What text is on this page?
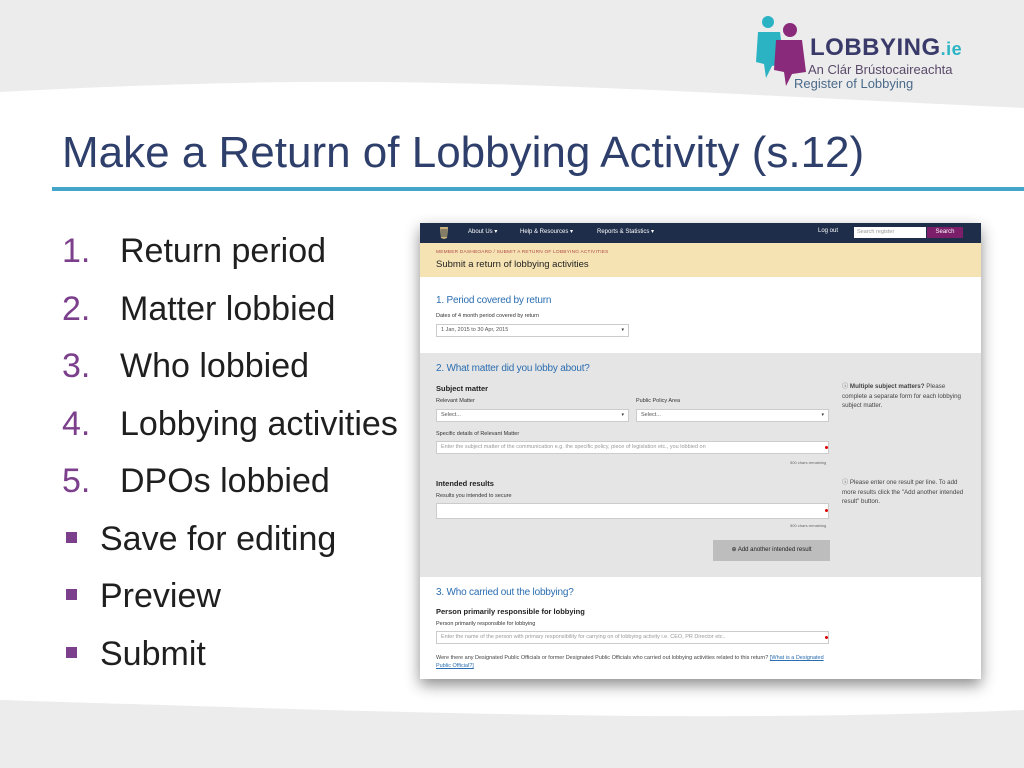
LOBBYING.ie
An Clár Brústocaireachta
Register of Lobbying
Make a Return of Lobbying Activity (s.12)
1. Return period
2. Matter lobbied
3. Who lobbied
4. Lobbying activities
5. DPOs lobbied
Save for editing
Preview
Submit
About Us ▾	Help & Resources ▾	Reports & Statistics ▾	Log out	Search register	Search
MEMBER DASHBOARD / SUBMIT A RETURN OF LOBBYING ACTIVITIES
Submit a return of lobbying activities
1. Period covered by return
Dates of 4 month period covered by return
1 Jan, 2015 to 30 Apr, 2015	▾
2. What matter did you lobby about?
Subject matter
Relevant Matter	Public Policy Area
Select...	▾	Select...	▾
Specific details of Relevant Matter
Enter the subject matter of the communication e.g. the specific policy, piece of legislation etc., you lobbied on
500 chars remaining
Intended results
Results you intended to secure
500 chars remaining
⊕ Add another intended result
ⓘ Multiple subject matters? Please complete a separate form for each lobbying subject matter.
ⓘ Please enter one result per line. To add more results click the "Add another intended result" button.
3. Who carried out the lobbying?
Person primarily responsible for lobbying
Person primarily responsible for lobbying
Enter the name of the person with primary responsibility for carrying on of lobbying activity i.e. CEO, PR Director etc..
Were there any Designated Public Officials or former Designated Public Officials who carried out lobbying activities related to this return? [What is a Designated Public Official?]
